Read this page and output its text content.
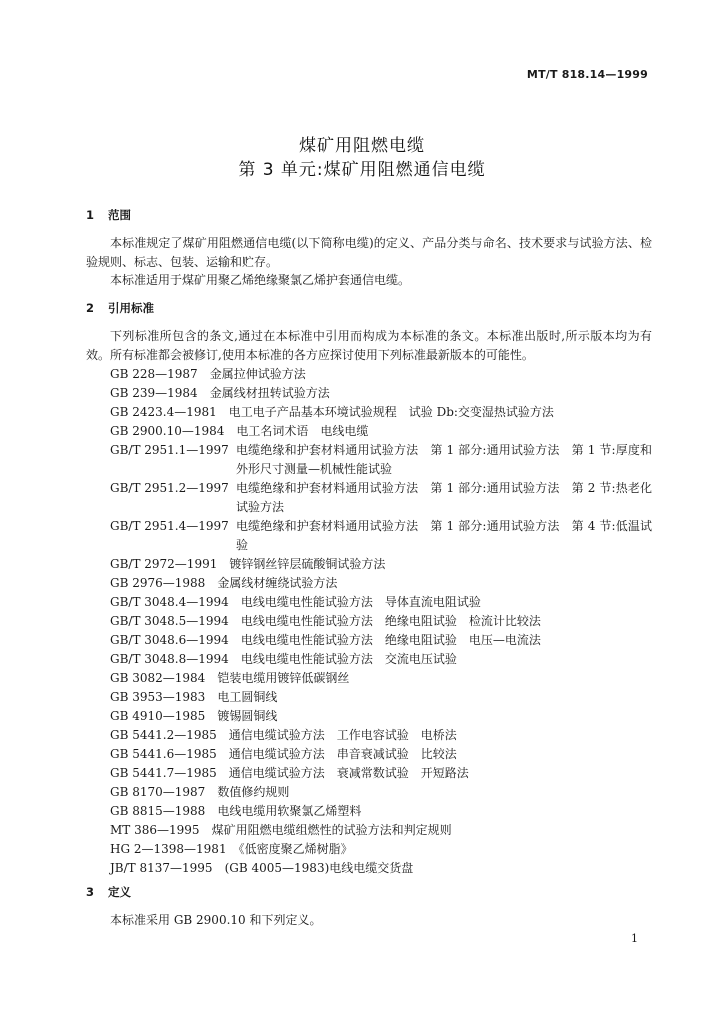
MT/T 818.14—1999
煤矿用阻燃电缆
第 3 单元:煤矿用阻燃通信电缆
1 范围

本标准规定了煤矿用阻燃通信电缆(以下简称电缆)的定义、产品分类与命名、技术要求与试验方法、检验规则、标志、包装、运输和贮存。

本标准适用于煤矿用聚乙烯绝缘聚氯乙烯护套通信电缆。

2 引用标准

下列标准所包含的条文,通过在本标准中引用而构成为本标准的条文。本标准出版时,所示版本均为有效。所有标准都会被修订,使用本标准的各方应探讨使用下列标准最新版本的可能性。

GB 228—1987　 金属拉伸试验方法
GB 239—1984　 金属线材扭转试验方法
GB 2423.4—1981　 电工电子产品基本环境试验规程　试验 Db:交变湿热试验方法
GB 2900.10—1984　 电工名词术语　电线电缆
GB/T 2951.1—1997 电缆绝缘和护套材料通用试验方法　第 1 部分:通用试验方法　第 1 节:厚度和外形尺寸测量—机械性能试验
GB/T 2951.2—1997 电缆绝缘和护套材料通用试验方法　第 1 部分:通用试验方法　第 2 节:热老化试验方法
GB/T 2951.4—1997 电缆绝缘和护套材料通用试验方法　第 1 部分:通用试验方法　第 4 节:低温试验
GB/T 2972—1991　 镀锌钢丝锌层硫酸铜试验方法
GB 2976—1988　 金属线材缠绕试验方法
GB/T 3048.4—1994　 电线电缆电性能试验方法　导体直流电阻试验
GB/T 3048.5—1994　 电线电缆电性能试验方法　绝缘电阻试验　检流计比较法
GB/T 3048.6—1994　 电线电缆电性能试验方法　绝缘电阻试验　电压—电流法
GB/T 3048.8—1994　 电线电缆电性能试验方法　交流电压试验
GB 3082—1984　 铠装电缆用镀锌低碳钢丝
GB 3953—1983　 电工圆铜线
GB 4910—1985　 镀锡圆铜线
GB 5441.2—1985　 通信电缆试验方法　工作电容试验　电桥法
GB 5441.6—1985　 通信电缆试验方法　串音衰减试验　比较法
GB 5441.7—1985　 通信电缆试验方法　衰减常数试验　开短路法
GB 8170—1987　 数值修约规则
GB 8815—1988　 电线电缆用软聚氯乙烯塑料
MT 386—1995　 煤矿用阻燃电缆组燃性的试验方法和判定规则
HG 2—1398—1981　 《低密度聚乙烯树脂》
JB/T 8137—1995　 (GB 4005—1983)电线电缆交货盘
3 定义

本标准采用 GB 2900.10 和下列定义。

1
